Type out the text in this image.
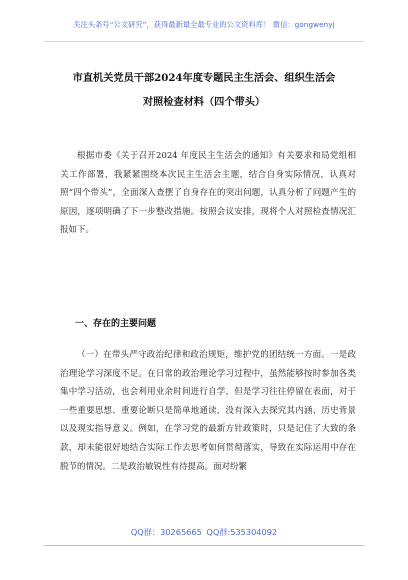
关注头条号“公文研究”，获得最新最全最专业的公文资料库！ 微信：gongwenyj
市直机关党员干部2024年度专题民主生活会、组织生活会
对照检查材料（四个带头）
根据市委《关于召开2024 年度民主生活会的通知》有关要求和局党组相关工作部署，我紧紧围绕本次民主生活会主题，结合自身实际情况，认真对照“四个带头”，全面深入查摆了自身存在的突出问题，认真分析了问题产生的原因，逐项明确了下一步整改措施。按照会议安排，现将个人对照检查情况汇报如下。
一、存在的主要问题
（一）在带头严守政治纪律和政治规矩，维护党的团结统一方面。一是政治理论学习深度不足。在日常的政治理论学习过程中，虽然能够按时参加各类集中学习活动，也会利用业余时间进行自学，但是学习往往停留在表面，对于一些重要思想、重要论断只是简单地通读，没有深入去探究其内涵、历史背景以及现实指导意义。例如，在学习党的最新方针政策时，只是记住了大致的条款，却未能很好地结合实际工作去思考如何贯彻落实，导致在实际运用中存在脱节的情况。二是政治敏锐性有待提高。面对纷繁
QQ群：30265665 QQ群:535304092
